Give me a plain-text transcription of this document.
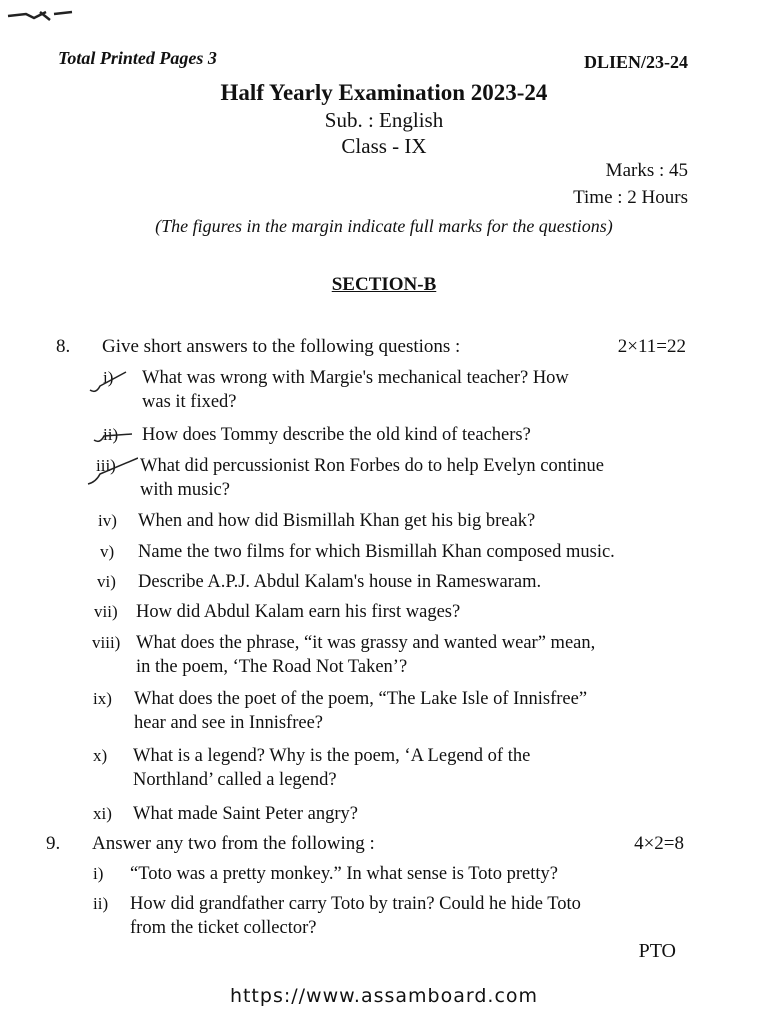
Total Printed Pages 3	DLIEN/23-24
Half Yearly Examination 2023-24
Sub. : English
Class - IX
Marks : 45
Time : 2 Hours
(The figures in the margin indicate full marks for the questions)
SECTION-B
8. Give short answers to the following questions :	2×11=22
i) What was wrong with Margie's mechanical teacher? How
was it fixed?
ii) How does Tommy describe the old kind of teachers?
iii) What did percussionist Ron Forbes do to help Evelyn continue
with music?
iv) When and how did Bismillah Khan get his big break?
v) Name the two films for which Bismillah Khan composed music.
vi) Describe A.P.J. Abdul Kalam's house in Rameswaram.
vii) How did Abdul Kalam earn his first wages?
viii) What does the phrase, “it was grassy and wanted wear” mean,
in the poem, ‘The Road Not Taken’?
ix) What does the poet of the poem, “The Lake Isle of Innisfree”
hear and see in Innisfree?
x) What is a legend? Why is the poem, ‘A Legend of the
Northland’ called a legend?
xi) What made Saint Peter angry?
9. Answer any two from the following :	4×2=8
i) “Toto was a pretty monkey.” In what sense is Toto pretty?
ii) How did grandfather carry Toto by train? Could he hide Toto
from the ticket collector?
PTO
https://www.assamboard.com
